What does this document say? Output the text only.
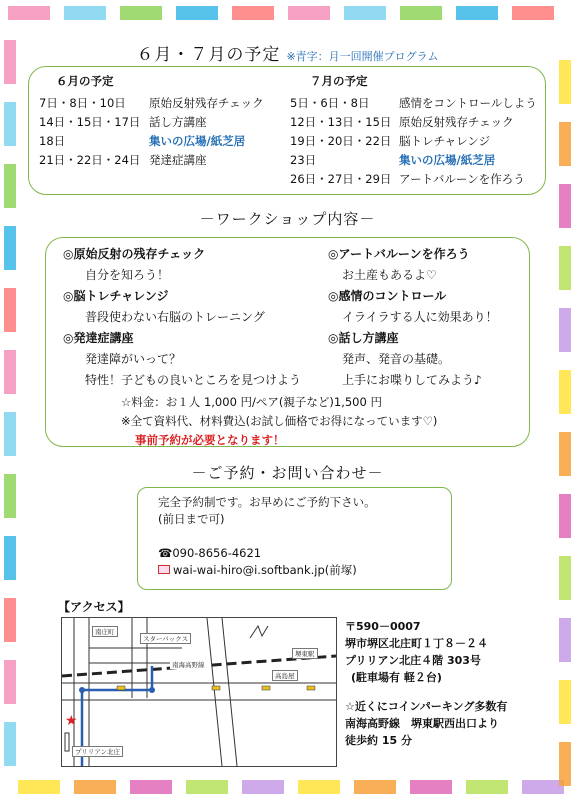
６月・７月の予定 ※青字：月一回開催プログラム
６月の予定	７月の予定
7日・8日・10日 原始反射残存チェック
14日・15日・17日 話し方講座
18日	集いの広場/紙芝居
21日・22日・24日 発達症講座
5日・6日・8日	感情をコントロールしよう
12日・13日・15日 原始反射残存チェック
19日・20日・22日 脳トレチャレンジ
23日	集いの広場/紙芝居
26日・27日・29日 アートバルーンを作ろう
－ワークショップ内容－
◎原始反射の残存チェック
自分を知ろう！
◎脳トレチャレンジ
普段使わない右脳のトレーニング
◎発達症講座
発達障がいって？
特性！子どもの良いところを見つけよう
◎アートバルーンを作ろう
お土産もあるよ♡
◎感情のコントロール
イライラする人に効果あり！
◎話し方講座
発声、発音の基礎。
上手にお喋りしてみよう♪
☆料金：お１人 1,000 円/ペア(親子など)1,500 円
※全て資料代、材料費込(お試し価格でお得になっています♡)
事前予約が必要となります！
－ご予約・お問い合わせ－
完全予約制です。お早めにご予約下さい。
(前日まで可)
☎090-8656-4621
wai-wai-hiro@i.softbank.jp(前塚)
【アクセス】
★
南庄町
スターバックス
南海高野線
堺東駅
高島屋
プリリアン北庄
〒590－0007
堺市堺区北庄町１丁８－２４
プリリアン北庄４階 303号
(駐車場有 軽２台)
☆近くにコインパーキング多数有
南海高野線　堺東駅西出口より
徒歩約 15 分
